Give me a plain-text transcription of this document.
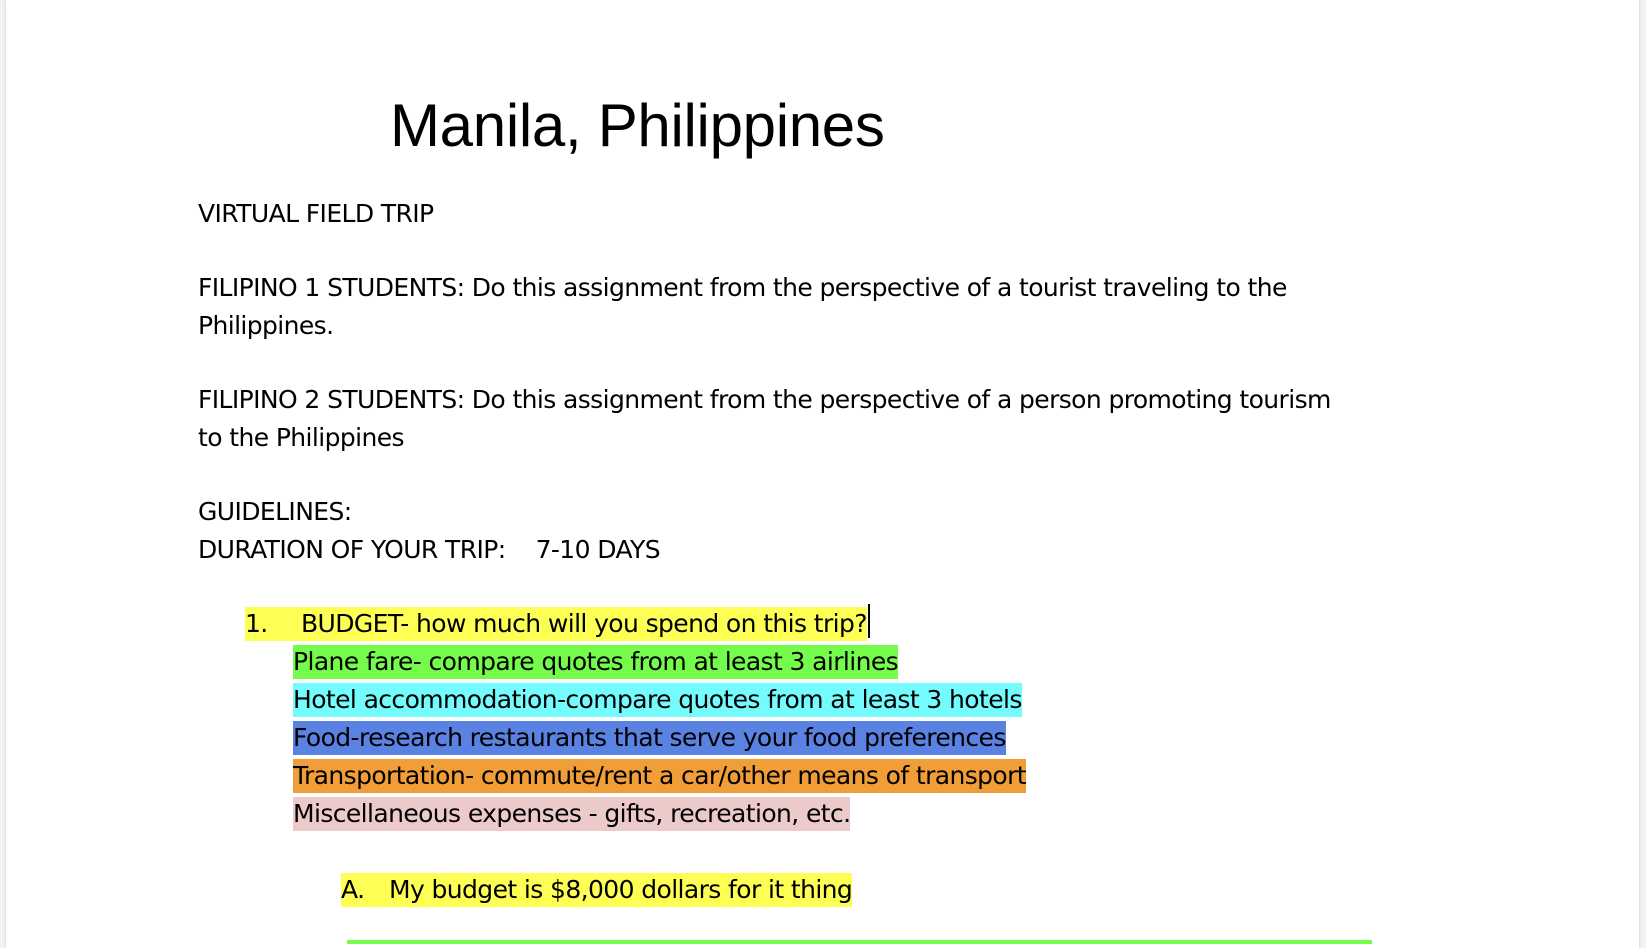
Manila, Philippines
VIRTUAL FIELD TRIP
FILIPINO 1 STUDENTS: Do this assignment from the perspective of a tourist traveling to the
Philippines.
FILIPINO 2 STUDENTS: Do this assignment from the perspective of a person promoting tourism
to the Philippines
GUIDELINES:
DURATION OF YOUR TRIP: 7-10 DAYS
1. BUDGET- how much will you spend on this trip?
Plane fare- compare quotes from at least 3 airlines
Hotel accommodation-compare quotes from at least 3 hotels
Food-research restaurants that serve your food preferences
Transportation- commute/rent a car/other means of transport
Miscellaneous expenses - gifts, recreation, etc.
A. My budget is $8,000 dollars for it thing
